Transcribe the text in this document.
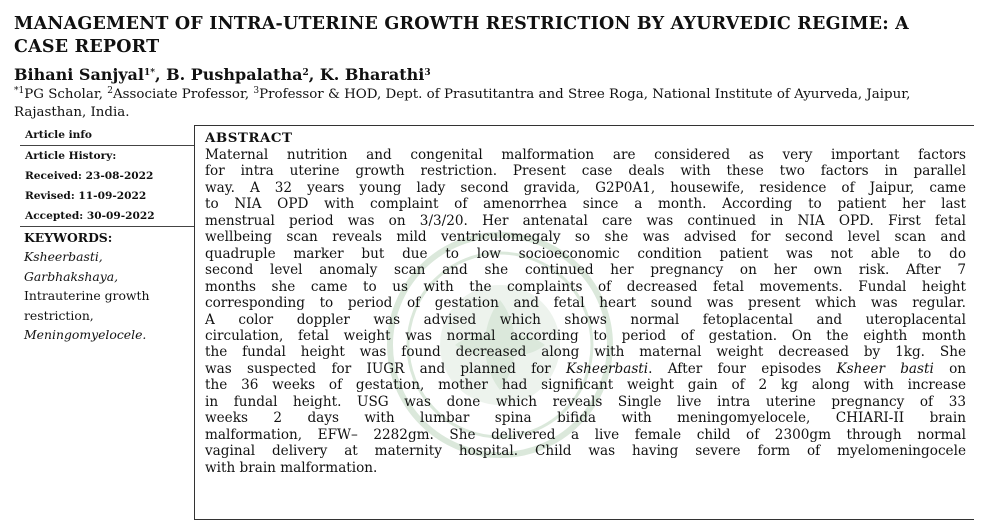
MANAGEMENT OF INTRA-UTERINE GROWTH RESTRICTION BY AYURVEDIC REGIME: A CASE REPORT
Bihani Sanjyal$^{1*}$, B. Pushpalatha$^2$, K. Bharathi$^3$
$^{*1}$PG Scholar, $^2$Associate Professor, $^3$Professor & HOD, Dept. of Prasutitantra and Stree Roga, National Institute of Ayurveda, Jaipur, Rajasthan, India.
Article info
Article History:
Received: 23-08-2022
Revised: 11-09-2022
Accepted: 30-09-2022
KEYWORDS:
Ksheerbasti,
Garbhakshaya,
Intrauterine growth
restriction,
Meningomyelocele.
ABSTRACT
Maternal nutrition and congenital malformation are considered as very important factors
for intra uterine growth restriction. Present case deals with these two factors in parallel
way. A 32 years young lady second gravida, G2P0A1, housewife, residence of Jaipur, came
to NIA OPD with complaint of amenorrhea since a month. According to patient her last
menstrual period was on 3/3/20. Her antenatal care was continued in NIA OPD. First fetal
wellbeing scan reveals mild ventriculomegaly so she was advised for second level scan and
quadruple marker but due to low socioeconomic condition patient was not able to do
second level anomaly scan and she continued her pregnancy on her own risk. After 7
months she came to us with the complaints of decreased fetal movements. Fundal height
corresponding to period of gestation and fetal heart sound was present which was regular.
A color doppler was advised which shows normal fetoplacental and uteroplacental
circulation, fetal weight was normal according to period of gestation. On the eighth month
the fundal height was found decreased along with maternal weight decreased by 1kg. She
was suspected for IUGR and planned for Ksheerbasti. After four episodes Ksheer basti on
the 36 weeks of gestation, mother had significant weight gain of 2 kg along with increase
in fundal height. USG was done which reveals Single live intra uterine pregnancy of 33
weeks 2 days with lumbar spina bifida with meningomyelocele, CHIARI-II brain
malformation, EFW– 2282gm. She delivered a live female child of 2300gm through normal
vaginal delivery at maternity hospital. Child was having severe form of myelomeningocele
with brain malformation.
